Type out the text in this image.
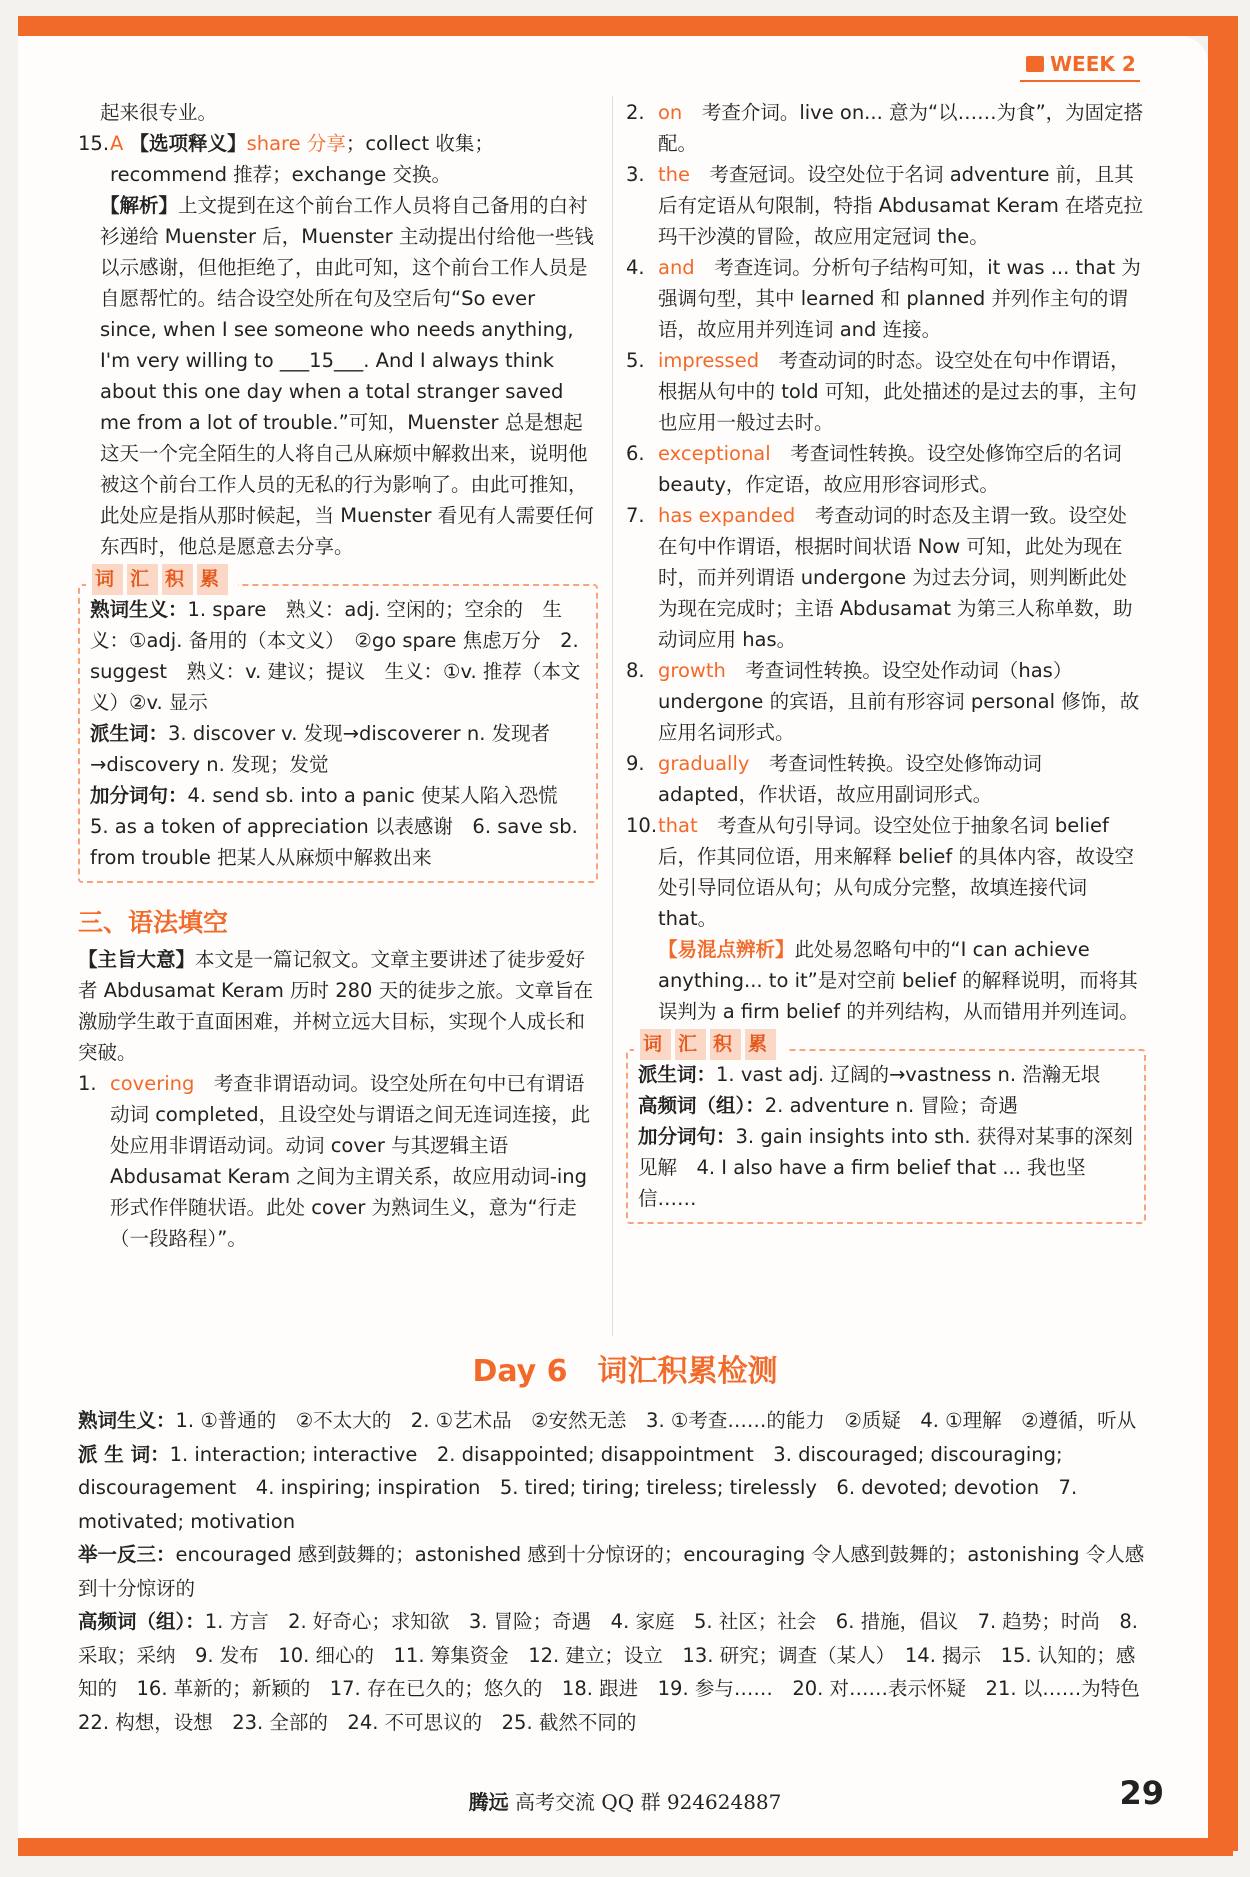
WEEK 2

起来很专业。

15. A 【选项释义】share 分享；collect 收集；recommend 推荐；exchange 交换。

【解析】上文提到在这个前台工作人员将自己备用的白衬衫递给 Muenster 后，Muenster 主动提出付给他一些钱以示感谢，但他拒绝了，由此可知，这个前台工作人员是自愿帮忙的。结合设空处所在句及空后句“So ever since, when I see someone who needs anything, I'm very willing to ___15___. And I always think about this one day when a total stranger saved me from a lot of trouble.”可知，Muenster 总是想起这天一个完全陌生的人将自己从麻烦中解救出来，说明他被这个前台工作人员的无私的行为影响了。由此可推知，此处应是指从那时候起，当 Muenster 看见有人需要任何东西时，他总是愿意去分享。

词 汇 积 累

熟词生义：1. spare　熟义：adj. 空闲的；空余的　生义：①adj. 备用的（本文义）　②go spare 焦虑万分　2. suggest　熟义：v. 建议；提议　生义：①v. 推荐（本文义）②v. 显示

派生词：3. discover v. 发现→discoverer n. 发现者→discovery n. 发现；发觉

加分词句：4. send sb. into a panic 使某人陷入恐慌　5. as a token of appreciation 以表感谢　6. save sb. from trouble 把某人从麻烦中解救出来

三、语法填空

【主旨大意】本文是一篇记叙文。文章主要讲述了徒步爱好者 Abdusamat Keram 历时 280 天的徒步之旅。文章旨在激励学生敢于直面困难，并树立远大目标，实现个人成长和突破。

1. covering　 考查非谓语动词。设空处所在句中已有谓语动词 completed，且设空处与谓语之间无连词连接，此处应用非谓语动词。动词 cover 与其逻辑主语 Abdusamat Keram 之间为主谓关系，故应用动词-ing 形式作伴随状语。此处 cover 为熟词生义，意为“行走（一段路程）”。
2. on　 考查介词。live on... 意为“以……为食”，为固定搭配。
3. the　 考查冠词。设空处位于名词 adventure 前，且其后有定语从句限制，特指 Abdusamat Keram 在塔克拉玛干沙漠的冒险，故应用定冠词 the。
4. and　 考查连词。分析句子结构可知，it was ... that 为强调句型，其中 learned 和 planned 并列作主句的谓语，故应用并列连词 and 连接。
5. impressed　 考查动词的时态。设空处在句中作谓语，根据从句中的 told 可知，此处描述的是过去的事，主句也应用一般过去时。
6. exceptional　 考查词性转换。设空处修饰空后的名词 beauty，作定语，故应用形容词形式。
7. has expanded　 考查动词的时态及主谓一致。设空处在句中作谓语，根据时间状语 Now 可知，此处为现在时，而并列谓语 undergone 为过去分词，则判断此处为现在完成时；主语 Abdusamat 为第三人称单数，助动词应用 has。
8. growth　 考查词性转换。设空处作动词（has）undergone 的宾语，且前有形容词 personal 修饰，故应用名词形式。
9. gradually　 考查词性转换。设空处修饰动词 adapted，作状语，故应用副词形式。
10. that　 考查从句引导词。设空处位于抽象名词 belief 后，作其同位语，用来解释 belief 的具体内容，故设空处引导同位语从句；从句成分完整，故填连接代词 that。

【易混点辨析】此处易忽略句中的“I can achieve anything... to it”是对空前 belief 的解释说明，而将其误判为 a firm belief 的并列结构，从而错用并列连词。

词 汇 积 累

派生词：1. vast adj. 辽阔的→vastness n. 浩瀚无垠

高频词（组）：2. adventure n. 冒险；奇遇

加分词句：3. gain insights into sth. 获得对某事的深刻见解　4. I also have a firm belief that ... 我也坚信……

Day 6　词汇积累检测

熟词生义：1. ①普通的　②不太大的　2. ①艺术品　②安然无恙　3. ①考查……的能力　②质疑　4. ①理解　②遵循，听从

派 生 词：1. interaction; interactive　2. disappointed; disappointment　3. discouraged; discouraging; discouragement　4. inspiring; inspiration　5. tired; tiring; tireless; tirelessly　6. devoted; devotion　7. motivated; motivation

举一反三：encouraged 感到鼓舞的；astonished 感到十分惊讶的；encouraging 令人感到鼓舞的；astonishing 令人感到十分惊讶的

高频词（组）：1. 方言　2. 好奇心；求知欲　3. 冒险；奇遇　4. 家庭　5. 社区；社会　6. 措施，倡议　7. 趋势；时尚　8. 采取；采纳　9. 发布　10. 细心的　11. 筹集资金　12. 建立；设立　13. 研究；调查（某人）　14. 揭示　15. 认知的；感知的　16. 革新的；新颖的　17. 存在已久的；悠久的　18. 跟进　19. 参与……　20. 对……表示怀疑　21. 以……为特色　22. 构想，设想　23. 全部的　24. 不可思议的　25. 截然不同的

腾远 高考交流 QQ 群 924624887	29
